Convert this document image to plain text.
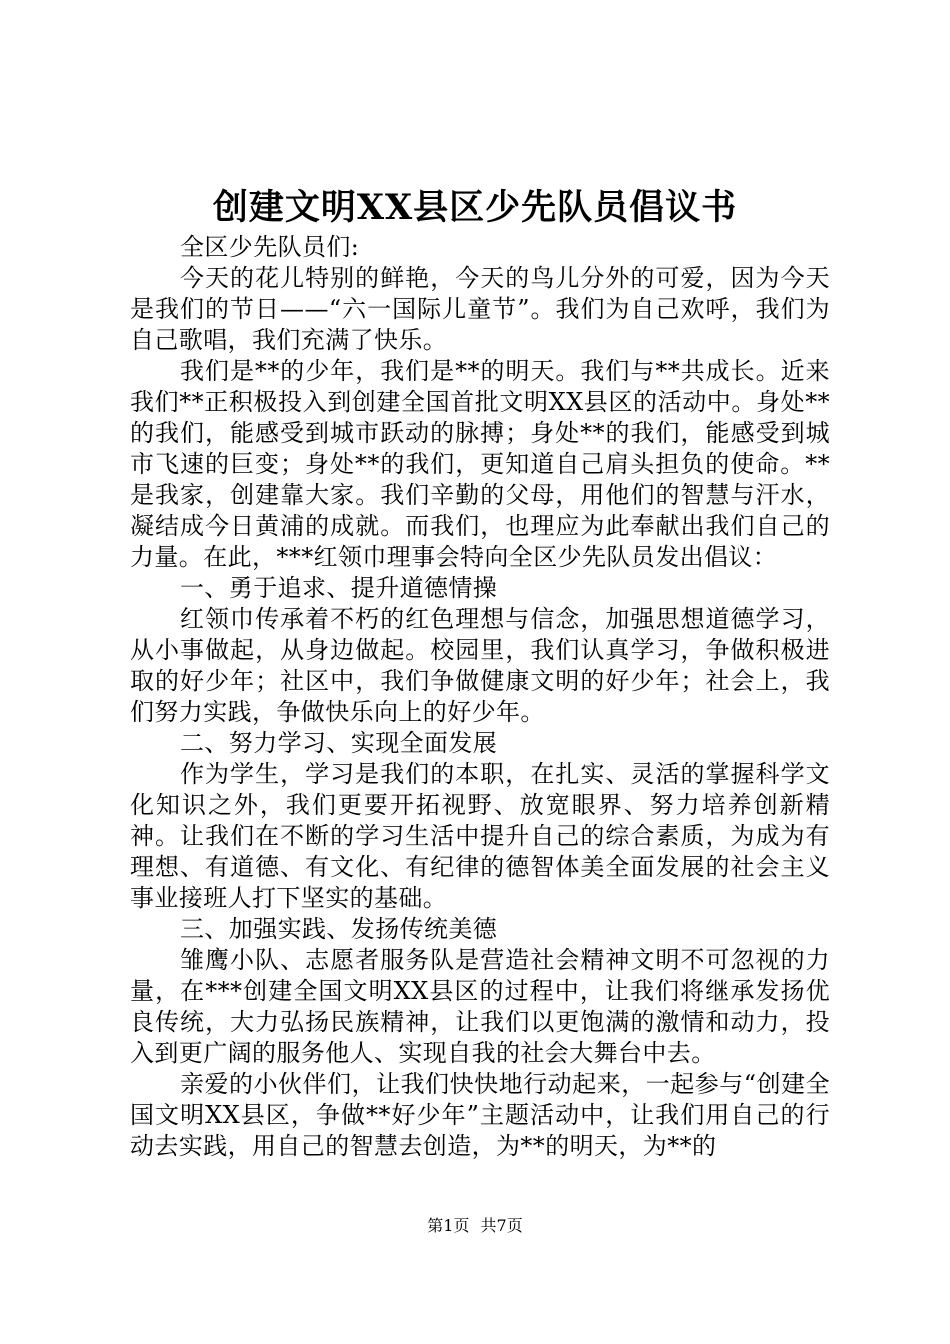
创建文明XX县区少先队员倡议书

全区少先队员们:

今天的花儿特别的鲜艳，今天的鸟儿分外的可爱，因为今天是我们的节日——“六一国际儿童节”。我们为自己欢呼，我们为自己歌唱，我们充满了快乐。

我们是**的少年，我们是**的明天。我们与**共成长。近来我们**正积极投入到创建全国首批文明XX县区的活动中。身处**的我们，能感受到城市跃动的脉搏；身处**的我们，能感受到城市飞速的巨变；身处**的我们，更知道自己肩头担负的使命。**是我家，创建靠大家。我们辛勤的父母，用他们的智慧与汗水，凝结成今日黄浦的成就。而我们，也理应为此奉献出我们自己的力量。在此，***红领巾理事会特向全区少先队员发出倡议：

一、勇于追求、提升道德情操

红领巾传承着不朽的红色理想与信念，加强思想道德学习，从小事做起，从身边做起。校园里，我们认真学习，争做积极进取的好少年；社区中，我们争做健康文明的好少年；社会上，我们努力实践，争做快乐向上的好少年。

二、努力学习、实现全面发展

作为学生，学习是我们的本职，在扎实、灵活的掌握科学文化知识之外，我们更要开拓视野、放宽眼界、努力培养创新精神。让我们在不断的学习生活中提升自己的综合素质，为成为有理想、有道德、有文化、有纪律的德智体美全面发展的社会主义事业接班人打下坚实的基础。

三、加强实践、发扬传统美德

雏鹰小队、志愿者服务队是营造社会精神文明不可忽视的力量，在***创建全国文明XX县区的过程中，让我们将继承发扬优良传统，大力弘扬民族精神，让我们以更饱满的激情和动力，投入到更广阔的服务他人、实现自我的社会大舞台中去。

亲爱的小伙伴们，让我们快快地行动起来，一起参与“创建全国文明XX县区，争做**好少年”主题活动中，让我们用自己的行动去实践，用自己的智慧去创造，为**的明天，为**的

第1页 共7页
